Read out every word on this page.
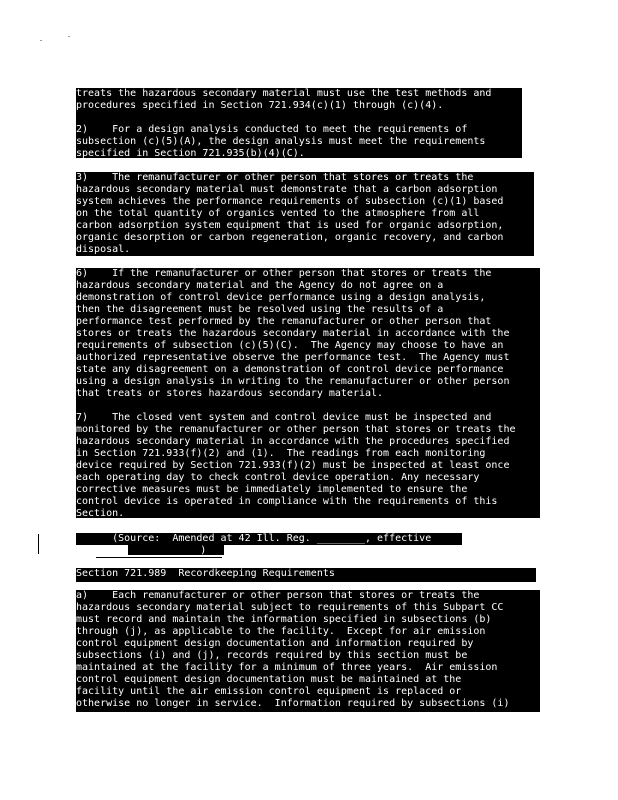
treats the hazardous secondary material must use the test methods and
procedures specified in Section 721.934(c)(1) through (c)(4).

2)    For a design analysis conducted to meet the requirements of
subsection (c)(5)(A), the design analysis must meet the requirements
specified in Section 721.935(b)(4)(C).
3)    The remanufacturer or other person that stores or treats the
hazardous secondary material must demonstrate that a carbon adsorption
system achieves the performance requirements of subsection (c)(1) based
on the total quantity of organics vented to the atmosphere from all
carbon adsorption system equipment that is used for organic adsorption,
organic desorption or carbon regeneration, organic recovery, and carbon
disposal.
6)    If the remanufacturer or other person that stores or treats the
hazardous secondary material and the Agency do not agree on a
demonstration of control device performance using a design analysis,
then the disagreement must be resolved using the results of a
performance test performed by the remanufacturer or other person that
stores or treats the hazardous secondary material in accordance with the
requirements of subsection (c)(5)(C).  The Agency may choose to have an
authorized representative observe the performance test.  The Agency must
state any disagreement on a demonstration of control device performance
using a design analysis in writing to the remanufacturer or other person
that treats or stores hazardous secondary material.

7)    The closed vent system and control device must be inspected and
monitored by the remanufacturer or other person that stores or treats the
hazardous secondary material in accordance with the procedures specified
in Section 721.933(f)(2) and (1).  The readings from each monitoring
device required by Section 721.933(f)(2) must be inspected at least once
each operating day to check control device operation. Any necessary
corrective measures must be immediately implemented to ensure the
control device is operated in compliance with the requirements of this
Section.
(Source:  Amended at 42 Ill. Reg. ________, effective
____________)
Section 721.989  Recordkeeping Requirements
a)    Each remanufacturer or other person that stores or treats the
hazardous secondary material subject to requirements of this Subpart CC
must record and maintain the information specified in subsections (b)
through (j), as applicable to the facility.  Except for air emission
control equipment design documentation and information required by
subsections (i) and (j), records required by this section must be
maintained at the facility for a minimum of three years.  Air emission
control equipment design documentation must be maintained at the
facility until the air emission control equipment is replaced or
otherwise no longer in service.  Information required by subsections (i)
